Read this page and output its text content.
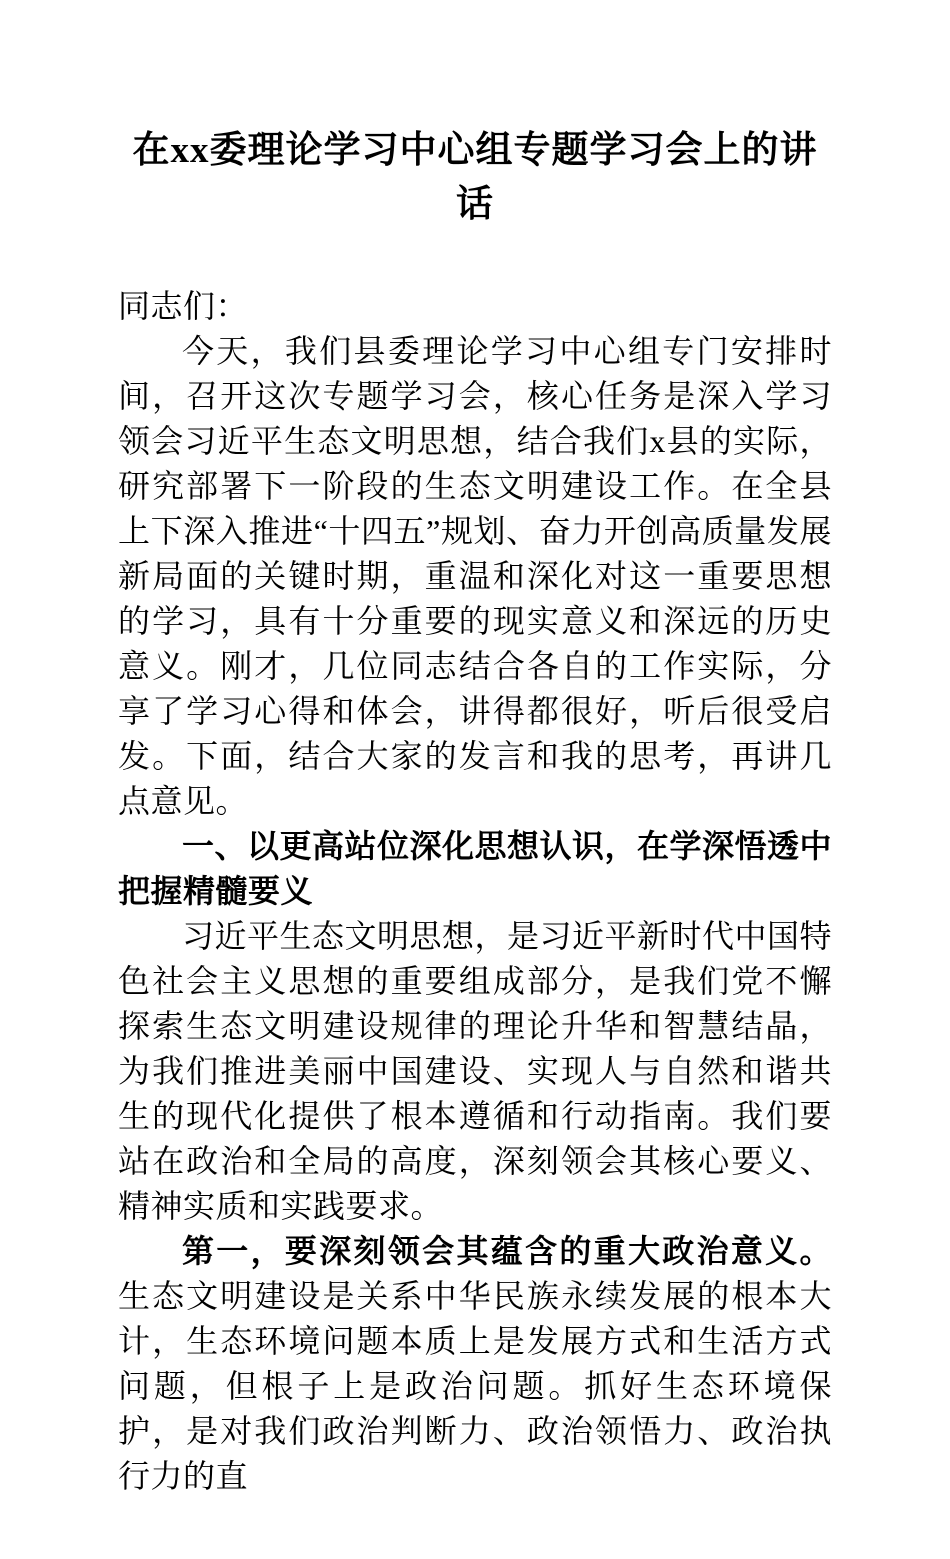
在xx委理论学习中心组专题学习会上的讲话

同志们：

今天，我们县委理论学习中心组专门安排时间，召开这次专题学习会，核心任务是深入学习领会习近平生态文明思想，结合我们x县的实际，研究部署下一阶段的生态文明建设工作。在全县上下深入推进“十四五”规划、奋力开创高质量发展新局面的关键时期，重温和深化对这一重要思想的学习，具有十分重要的现实意义和深远的历史意义。刚才，几位同志结合各自的工作实际，分享了学习心得和体会，讲得都很好，听后很受启发。下面，结合大家的发言和我的思考，再讲几点意见。

一、以更高站位深化思想认识，在学深悟透中把握精髓要义

习近平生态文明思想，是习近平新时代中国特色社会主义思想的重要组成部分，是我们党不懈探索生态文明建设规律的理论升华和智慧结晶，为我们推进美丽中国建设、实现人与自然和谐共生的现代化提供了根本遵循和行动指南。我们要站在政治和全局的高度，深刻领会其核心要义、精神实质和实践要求。

第一，要深刻领会其蕴含的重大政治意义。生态文明建设是关系中华民族永续发展的根本大计，生态环境问题本质上是发展方式和生活方式问题，但根子上是政治问题。抓好生态环境保护，是对我们政治判断力、政治领悟力、政治执行力的直
